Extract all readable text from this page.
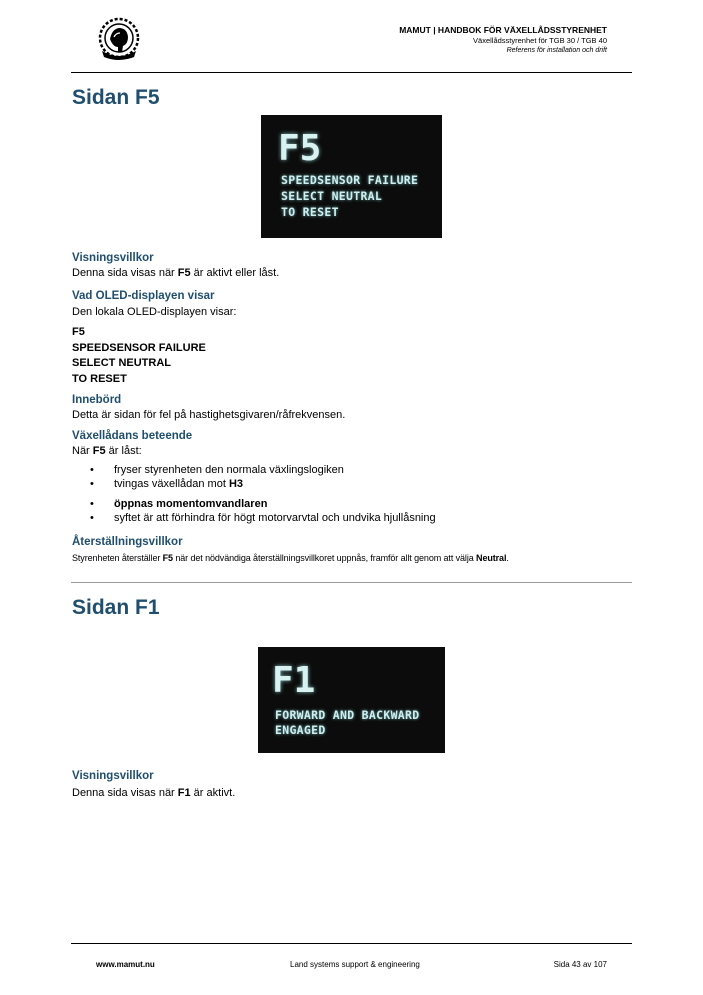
MAMUT | HANDBOK FÖR VÄXELLÅDSSTYRENHET
Växellådsstyrenhet för TGB 30 / TGB 40
Referens för installation och drift
Sidan F5
F5
SPEEDSENSOR FAILURE
SELECT NEUTRAL
TO RESET
Visningsvillkor
Denna sida visas när F5 är aktivt eller låst.
Vad OLED-displayen visar
Den lokala OLED-displayen visar:
F5
SPEEDSENSOR FAILURE
SELECT NEUTRAL
TO RESET
Innebörd
Detta är sidan för fel på hastighetsgivaren/råfrekvensen.
Växellådans beteende
När F5 är låst:
• fryser styrenheten den normala växlingslogiken
• tvingas växellådan mot H3
• öppnas momentomvandlaren
• syftet är att förhindra för högt motorvarvtal och undvika hjullåsning
Återställningsvillkor
Styrenheten återställer F5 när det nödvändiga återställningsvillkoret uppnås, framför allt genom att välja Neutral.
Sidan F1
F1
FORWARD AND BACKWARD
ENGAGED
Visningsvillkor
Denna sida visas när F1 är aktivt.
www.mamut.nu	Land systems support & engineering	Sida 43 av 107
